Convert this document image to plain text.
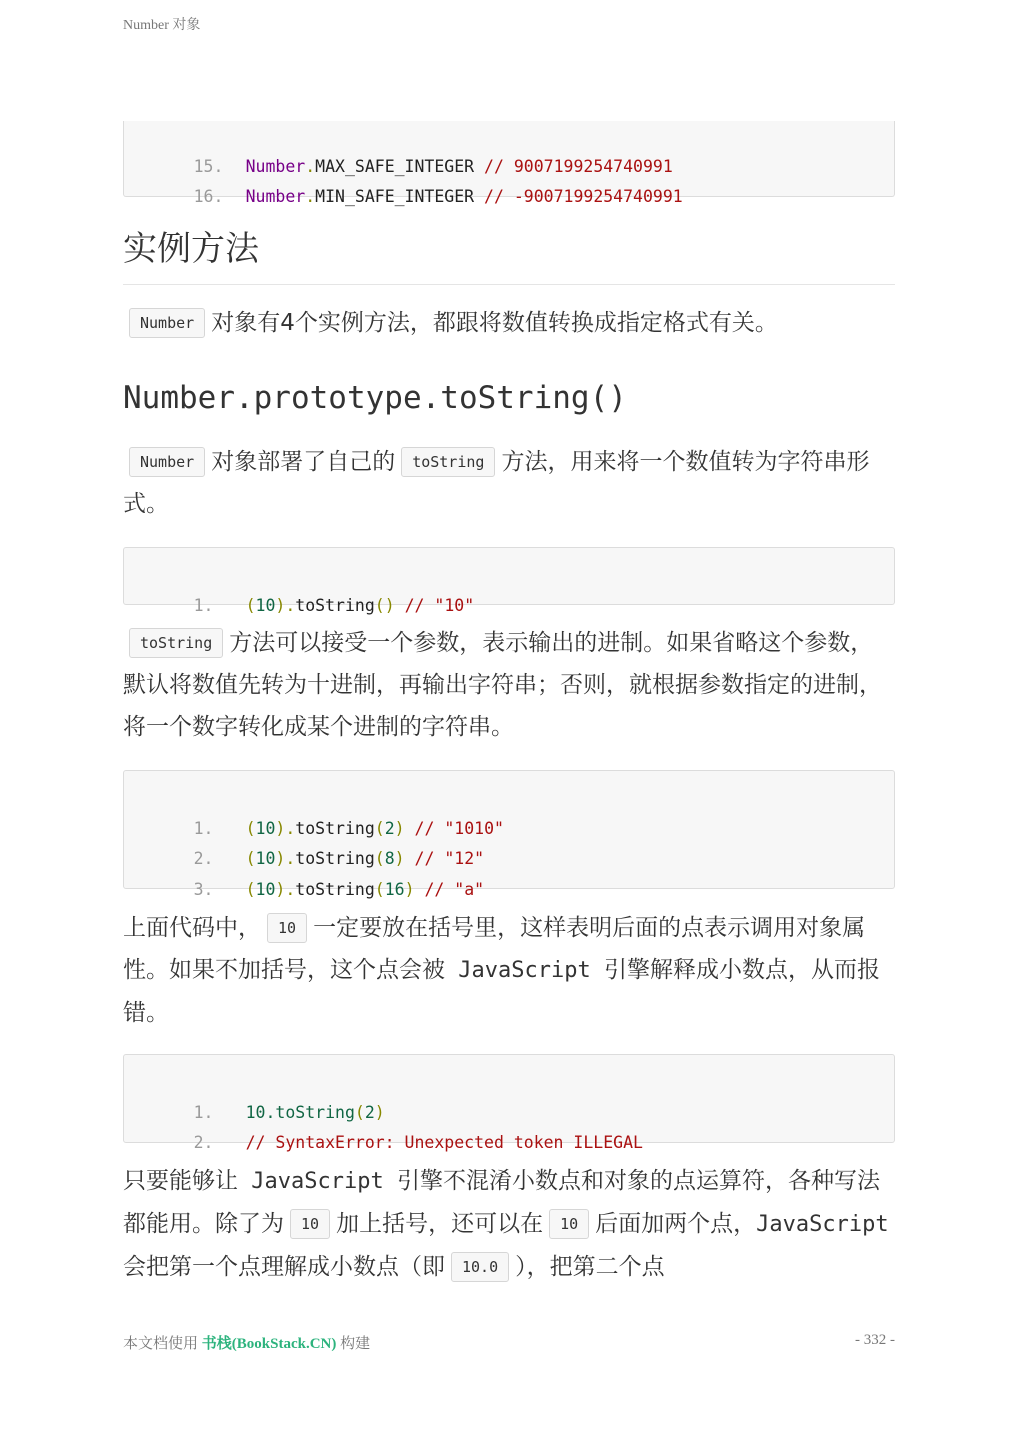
Number 对象

15. Number.MAX_SAFE_INTEGER // 9007199254740991

16. Number.MIN_SAFE_INTEGER // -9007199254740991

实例方法
Number 对象有4个实例方法，都跟将数值转换成指定格式有关。
Number.prototype.toString()
Number 对象部署了自己的 toString 方法，用来将一个数值转为字符串形式。

1. (10).toString() // "10"

toString 方法可以接受一个参数，表示输出的进制。如果省略这个参数，默认将数值先转为十进制，再输出字符串；否则，就根据参数指定的进制，将一个数字转化成某个进制的字符串。

1. (10).toString(2) // "1010"

2. (10).toString(8) // "12"

3. (10).toString(16) // "a"

上面代码中， 10 一定要放在括号里，这样表明后面的点表示调用对象属性。如果不加括号，这个点会被 JavaScript 引擎解释成小数点，从而报错。

1. 10.toString(2)

2. // SyntaxError: Unexpected token ILLEGAL

只要能够让 JavaScript 引擎不混淆小数点和对象的点运算符，各种写法都能用。除了为 10 加上括号，还可以在 10 后面加两个点，JavaScript 会把第一个点理解成小数点（即 10.0 ），把第二个点
本文档使用 书栈(BookStack.CN) 构建	- 332 -
